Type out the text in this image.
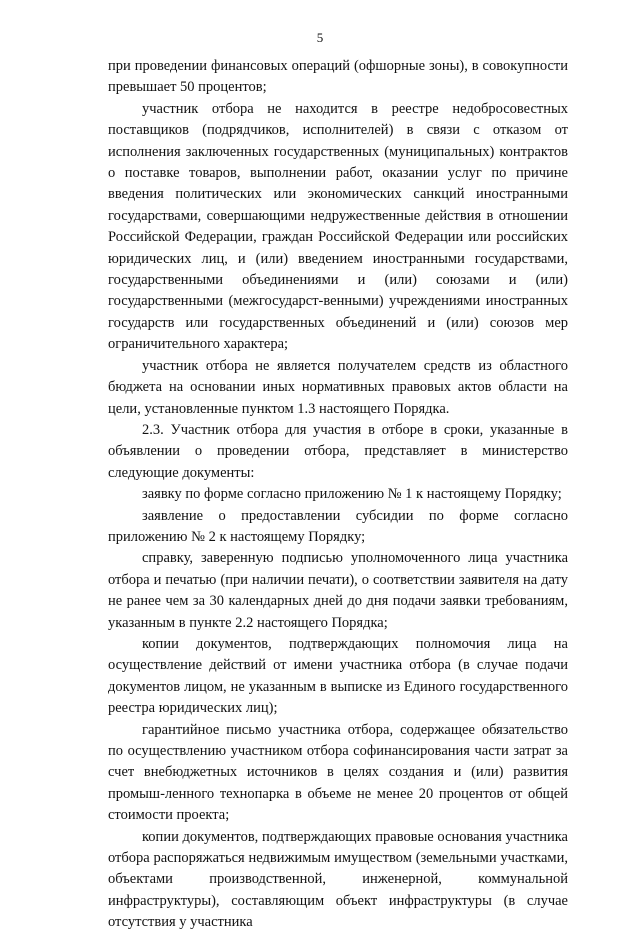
5

при проведении финансовых операций (офшорные зоны), в совокупности превышает 50 процентов;

участник отбора не находится в реестре недобросовестных поставщиков (подрядчиков, исполнителей) в связи с отказом от исполнения заключенных государственных (муниципальных) контрактов о поставке товаров, выполнении работ, оказании услуг по причине введения политических или экономических санкций иностранными государствами, совершающими недружественные действия в отношении Российской Федерации, граждан Российской Федерации или российских юридических лиц, и (или) введением иностранными государствами, государственными объединениями и (или) союзами и (или) государственными (межгосударст-венными) учреждениями иностранных государств или государственных объединений и (или) союзов мер ограничительного характера;

участник отбора не является получателем средств из областного бюджета на основании иных нормативных правовых актов области на цели, установленные пунктом 1.3 настоящего Порядка.

2.3. Участник отбора для участия в отборе в сроки, указанные в объявлении о проведении отбора, представляет в министерство следующие документы:

заявку по форме согласно приложению № 1 к настоящему Порядку;

заявление о предоставлении субсидии по форме согласно приложению № 2 к настоящему Порядку;

справку, заверенную подписью уполномоченного лица участника отбора и печатью (при наличии печати), о соответствии заявителя на дату не ранее чем за 30 календарных дней до дня подачи заявки требованиям, указанным в пункте 2.2 настоящего Порядка;

копии документов, подтверждающих полномочия лица на осуществление действий от имени участника отбора (в случае подачи документов лицом, не указанным в выписке из Единого государственного реестра юридических лиц);

гарантийное письмо участника отбора, содержащее обязательство по осуществлению участником отбора софинансирования части затрат за счет внебюджетных источников в целях создания и (или) развития промыш-ленного технопарка в объеме не менее 20 процентов от общей стоимости проекта;

копии документов, подтверждающих правовые основания участника отбора распоряжаться недвижимым имуществом (земельными участками, объектами производственной, инженерной, коммунальной инфраструктуры), составляющим объект инфраструктуры (в случае отсутствия у участника
